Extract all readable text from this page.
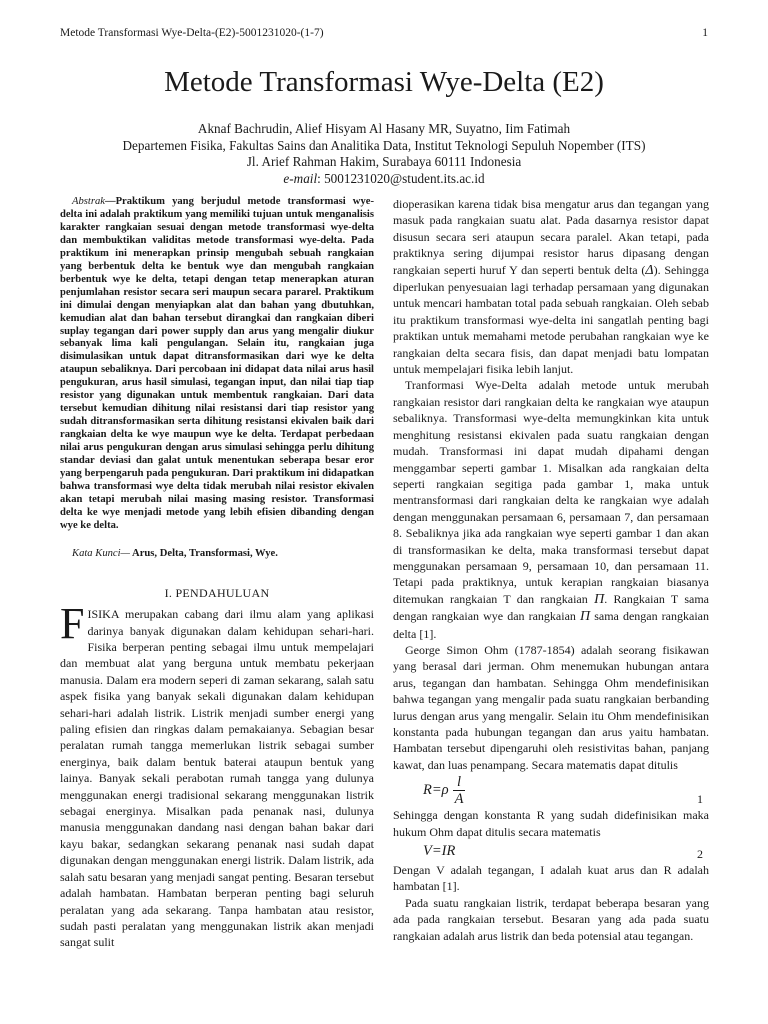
Metode Transformasi Wye-Delta-(E2)-5001231020-(1-7)	1
Metode Transformasi Wye-Delta (E2)
Aknaf Bachrudin, Alief Hisyam Al Hasany MR, Suyatno, Iim Fatimah
Departemen Fisika, Fakultas Sains dan Analitika Data, Institut Teknologi Sepuluh Nopember (ITS)
Jl. Arief Rahman Hakim, Surabaya 60111 Indonesia
e-mail: 5001231020@student.its.ac.id

Abstrak—Praktikum yang berjudul metode transformasi wye-delta ini adalah praktikum yang memiliki tujuan untuk menganalisis karakter rangkaian sesuai dengan metode transformasi wye-delta dan membuktikan validitas metode transformasi wye-delta. Pada praktikum ini menerapkan prinsip mengubah sebuah rangkaian yang berbentuk delta ke bentuk wye dan mengubah rangkaian berbentuk wye ke delta, tetapi dengan tetap menerapkan aturan penjumlahan resistor secara seri maupun secara pararel. Praktikum ini dimulai dengan menyiapkan alat dan bahan yang dbutuhkan, kemudian alat dan bahan tersebut dirangkai dan rangkaian diberi suplay tegangan dari power supply dan arus yang mengalir diukur sebanyak lima kali pengulangan. Selain itu, rangkaian juga disimulasikan untuk dapat ditransformasikan dari wye ke delta ataupun sebaliknya. Dari percobaan ini didapat data nilai arus hasil pengukuran, arus hasil simulasi, tegangan input, dan nilai tiap tiap resistor yang digunakan untuk membentuk rangkaian. Dari data tersebut kemudian dihitung nilai resistansi dari tiap resistor yang sudah ditransformasikan serta dihitung resistansi ekivalen baik dari rangkaian delta ke wye maupun wye ke delta. Terdapat perbedaan nilai arus pengukuran dengan arus simulasi sehingga perlu dihitung standar deviasi dan galat untuk menentukan seberapa besar eror yang berpengaruh pada pengukuran. Dari praktikum ini didapatkan bahwa transformasi wye delta tidak merubah nilai resistor ekivalen akan tetapi merubah nilai masing masing resistor. Transformasi delta ke wye menjadi metode yang lebih efisien dibanding dengan wye ke delta.

Kata Kunci— Arus, Delta, Transformasi, Wye.

I. PENDAHULUAN

FISIKA merupakan cabang dari ilmu alam yang aplikasi darinya banyak digunakan dalam kehidupan sehari-hari. Fisika berperan penting sebagai ilmu untuk mempelajari dan membuat alat yang berguna untuk membatu pekerjaan manusia. Dalam era modern seperi di zaman sekarang, salah satu aspek fisika yang banyak sekali digunakan dalam kehidupan sehari-hari adalah listrik. Listrik menjadi sumber energi yang paling efisien dan ringkas dalam pemakaianya. Sebagian besar peralatan rumah tangga memerlukan listrik sebagai sumber energinya, baik dalam bentuk baterai ataupun bentuk yang lainya. Banyak sekali perabotan rumah tangga yang dulunya menggunakan energi tradisional sekarang menggunakan listrik sebagai energinya. Misalkan pada penanak nasi, dulunya manusia menggunakan dandang nasi dengan bahan bakar dari kayu bakar, sedangkan sekarang penanak nasi sudah dapat digunakan dengan menggunakan energi listrik. Dalam listrik, ada salah satu besaran yang menjadi sangat penting. Besaran tersebut adalah hambatan. Hambatan berperan penting bagi seluruh peralatan yang ada sekarang. Tanpa hambatan atau resistor, sudah pasti peralatan yang menggunakan listrik akan menjadi sangat sulit

dioperasikan karena tidak bisa mengatur arus dan tegangan yang masuk pada rangkaian suatu alat. Pada dasarnya resistor dapat disusun secara seri ataupun secara paralel. Akan tetapi, pada praktiknya sering dijumpai resistor harus dipasang dengan rangkaian seperti huruf Y dan seperti bentuk delta (Δ). Sehingga diperlukan penyesuaian lagi terhadap persamaan yang digunakan untuk mencari hambatan total pada sebuah rangkaian. Oleh sebab itu praktikum transformasi wye-delta ini sangatlah penting bagi praktikan untuk memahami metode perubahan rangkaian wye ke rangkaian delta secara fisis, dan dapat menjadi batu lompatan untuk mempelajari fisika lebih lanjut.

Tranformasi Wye-Delta adalah metode untuk merubah rangkaian resistor dari rangkaian delta ke rangkaian wye ataupun sebaliknya. Transformasi wye-delta memungkinkan kita untuk menghitung resistansi ekivalen pada suatu rangkaian dengan mudah. Transformasi ini dapat mudah dipahami dengan menggambar seperti gambar 1. Misalkan ada rangkaian delta seperti rangkaian segitiga pada gambar 1, maka untuk mentransformasi dari rangkaian delta ke rangkaian wye adalah dengan menggunakan persamaan 6, persamaan 7, dan persamaan 8. Sebaliknya jika ada rangkaian wye seperti gambar 1 dan akan di transformasikan ke delta, maka transformasi tersebut dapat menggunakan persamaan 9, persamaan 10, dan persamaan 11. Tetapi pada praktiknya, untuk kerapian rangkaian biasanya ditemukan rangkaian T dan rangkaian Π. Rangkaian T sama dengan rangkaian wye dan rangkaian Π sama dengan rangkaian delta [1].

George Simon Ohm (1787-1854) adalah seorang fisikawan yang berasal dari jerman. Ohm menemukan hubungan antara arus, tegangan dan hambatan. Sehingga Ohm mendefinisikan bahwa tegangan yang mengalir pada suatu rangkaian berbanding lurus dengan arus yang mengalir. Selain itu Ohm mendefinisikan konstanta pada hubungan tegangan dan arus yaitu hambatan. Hambatan tersebut dipengaruhi oleh resistivitas bahan, panjang kawat, dan luas penampang. Secara matematis dapat ditulis

$R=\rho \frac{l}{A}$	1

Sehingga dengan konstanta R yang sudah didefinisikan maka hukum Ohm dapat ditulis secara matematis

V=IR	2

Dengan V adalah tegangan, I adalah kuat arus dan R adalah hambatan [1].

Pada suatu rangkaian listrik, terdapat beberapa besaran yang ada pada rangkaian tersebut. Besaran yang ada pada suatu rangkaian adalah arus listrik dan beda potensial atau tegangan.
